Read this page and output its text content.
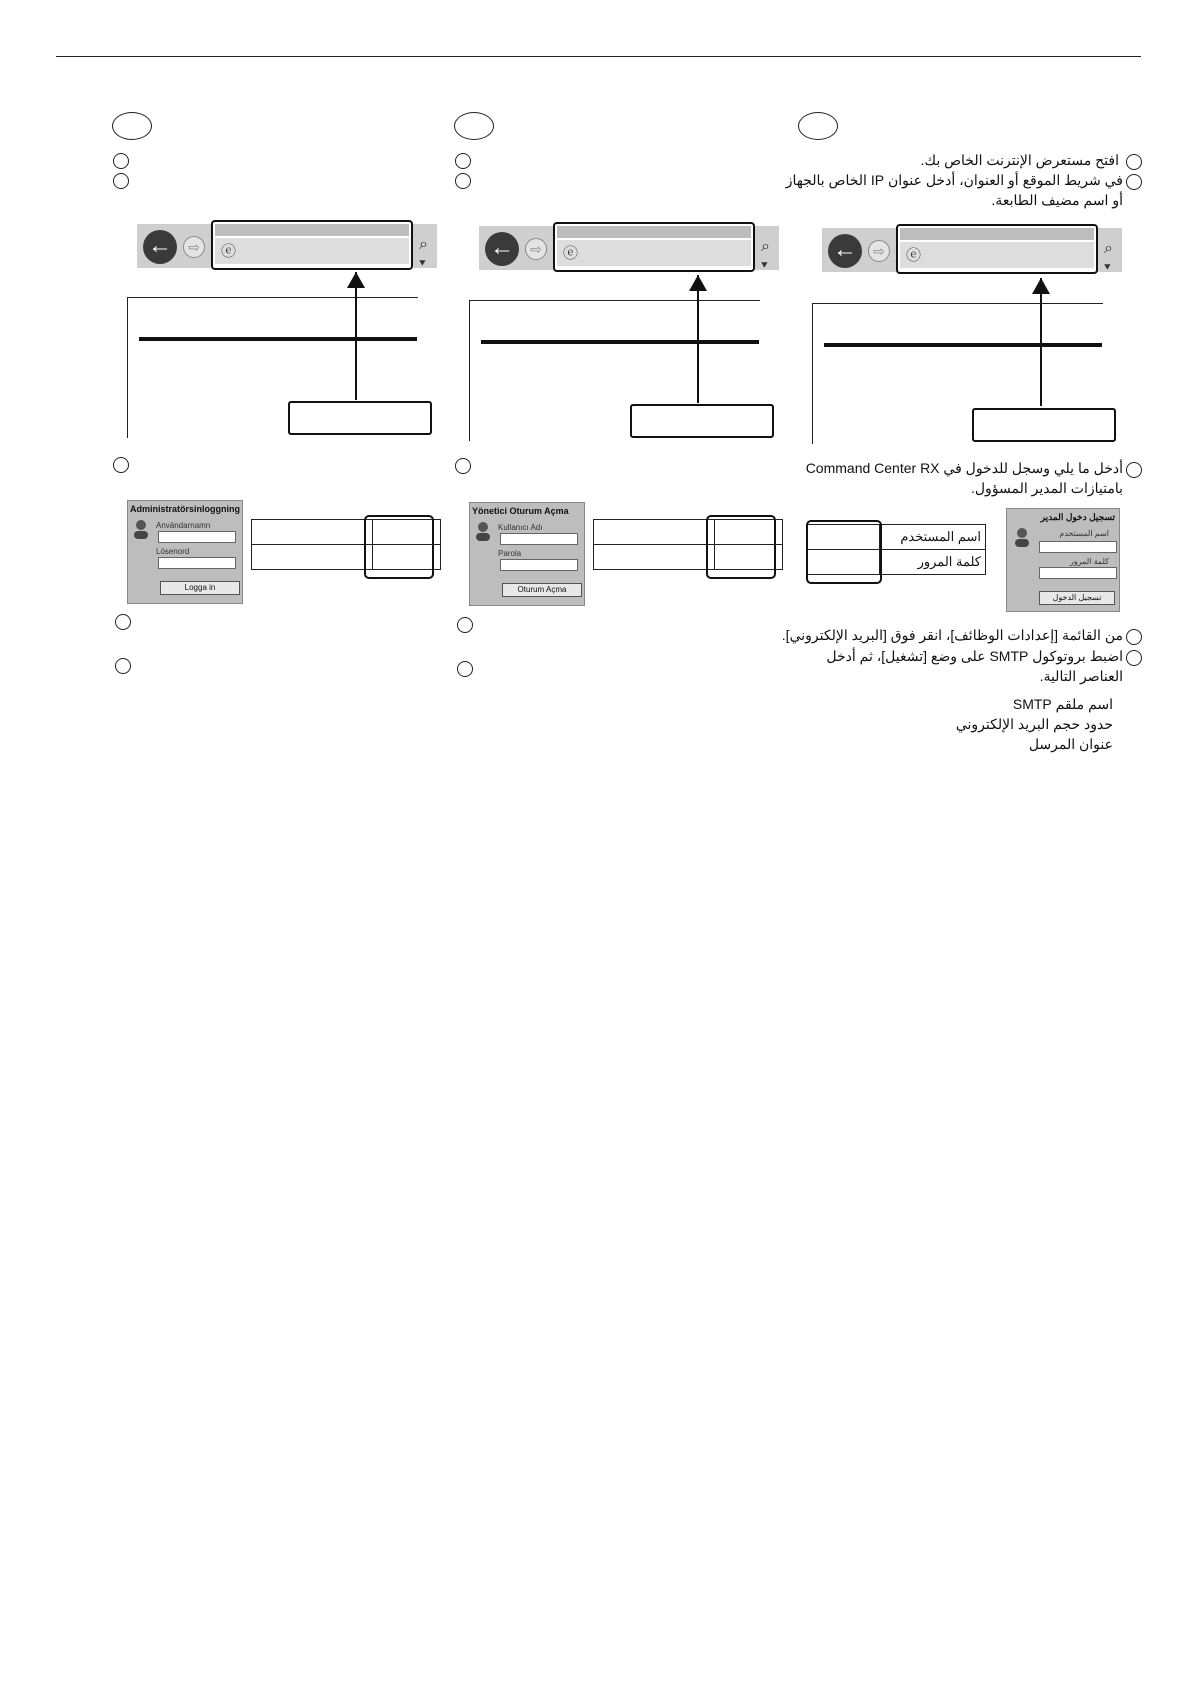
←	⇨	ⓔ	⌕ ▾
Administratörsinloggning
Användarnamn
Lösenord
Logga in

←	⇨	ⓔ	⌕ ▾
Yönetici Oturum Açma
Kullanıcı Adı
Parola
Oturum Açma

افتح مستعرض الإنترنت الخاص بك.
في شريط الموقع أو العنوان، أدخل عنوان IP الخاص بالجهاز
أو اسم مضيف الطابعة.
←	⇨	ⓔ	⌕ ▾
أدخل ما يلي وسجل للدخول في Command Center RX
بامتيازات المدير المسؤول.
	اسم المستخدم
	كلمة المرور
تسجيل دخول المدير
اسم المستخدم
كلمة المرور
تسجيل الدخول
من القائمة [إعدادات الوظائف]، انقر فوق [البريد الإلكتروني].
اضبط بروتوكول SMTP على وضع [تشغيل]، ثم أدخل
العناصر التالية.
اسم ملقم SMTP
حدود حجم البريد الإلكتروني
عنوان المرسل
